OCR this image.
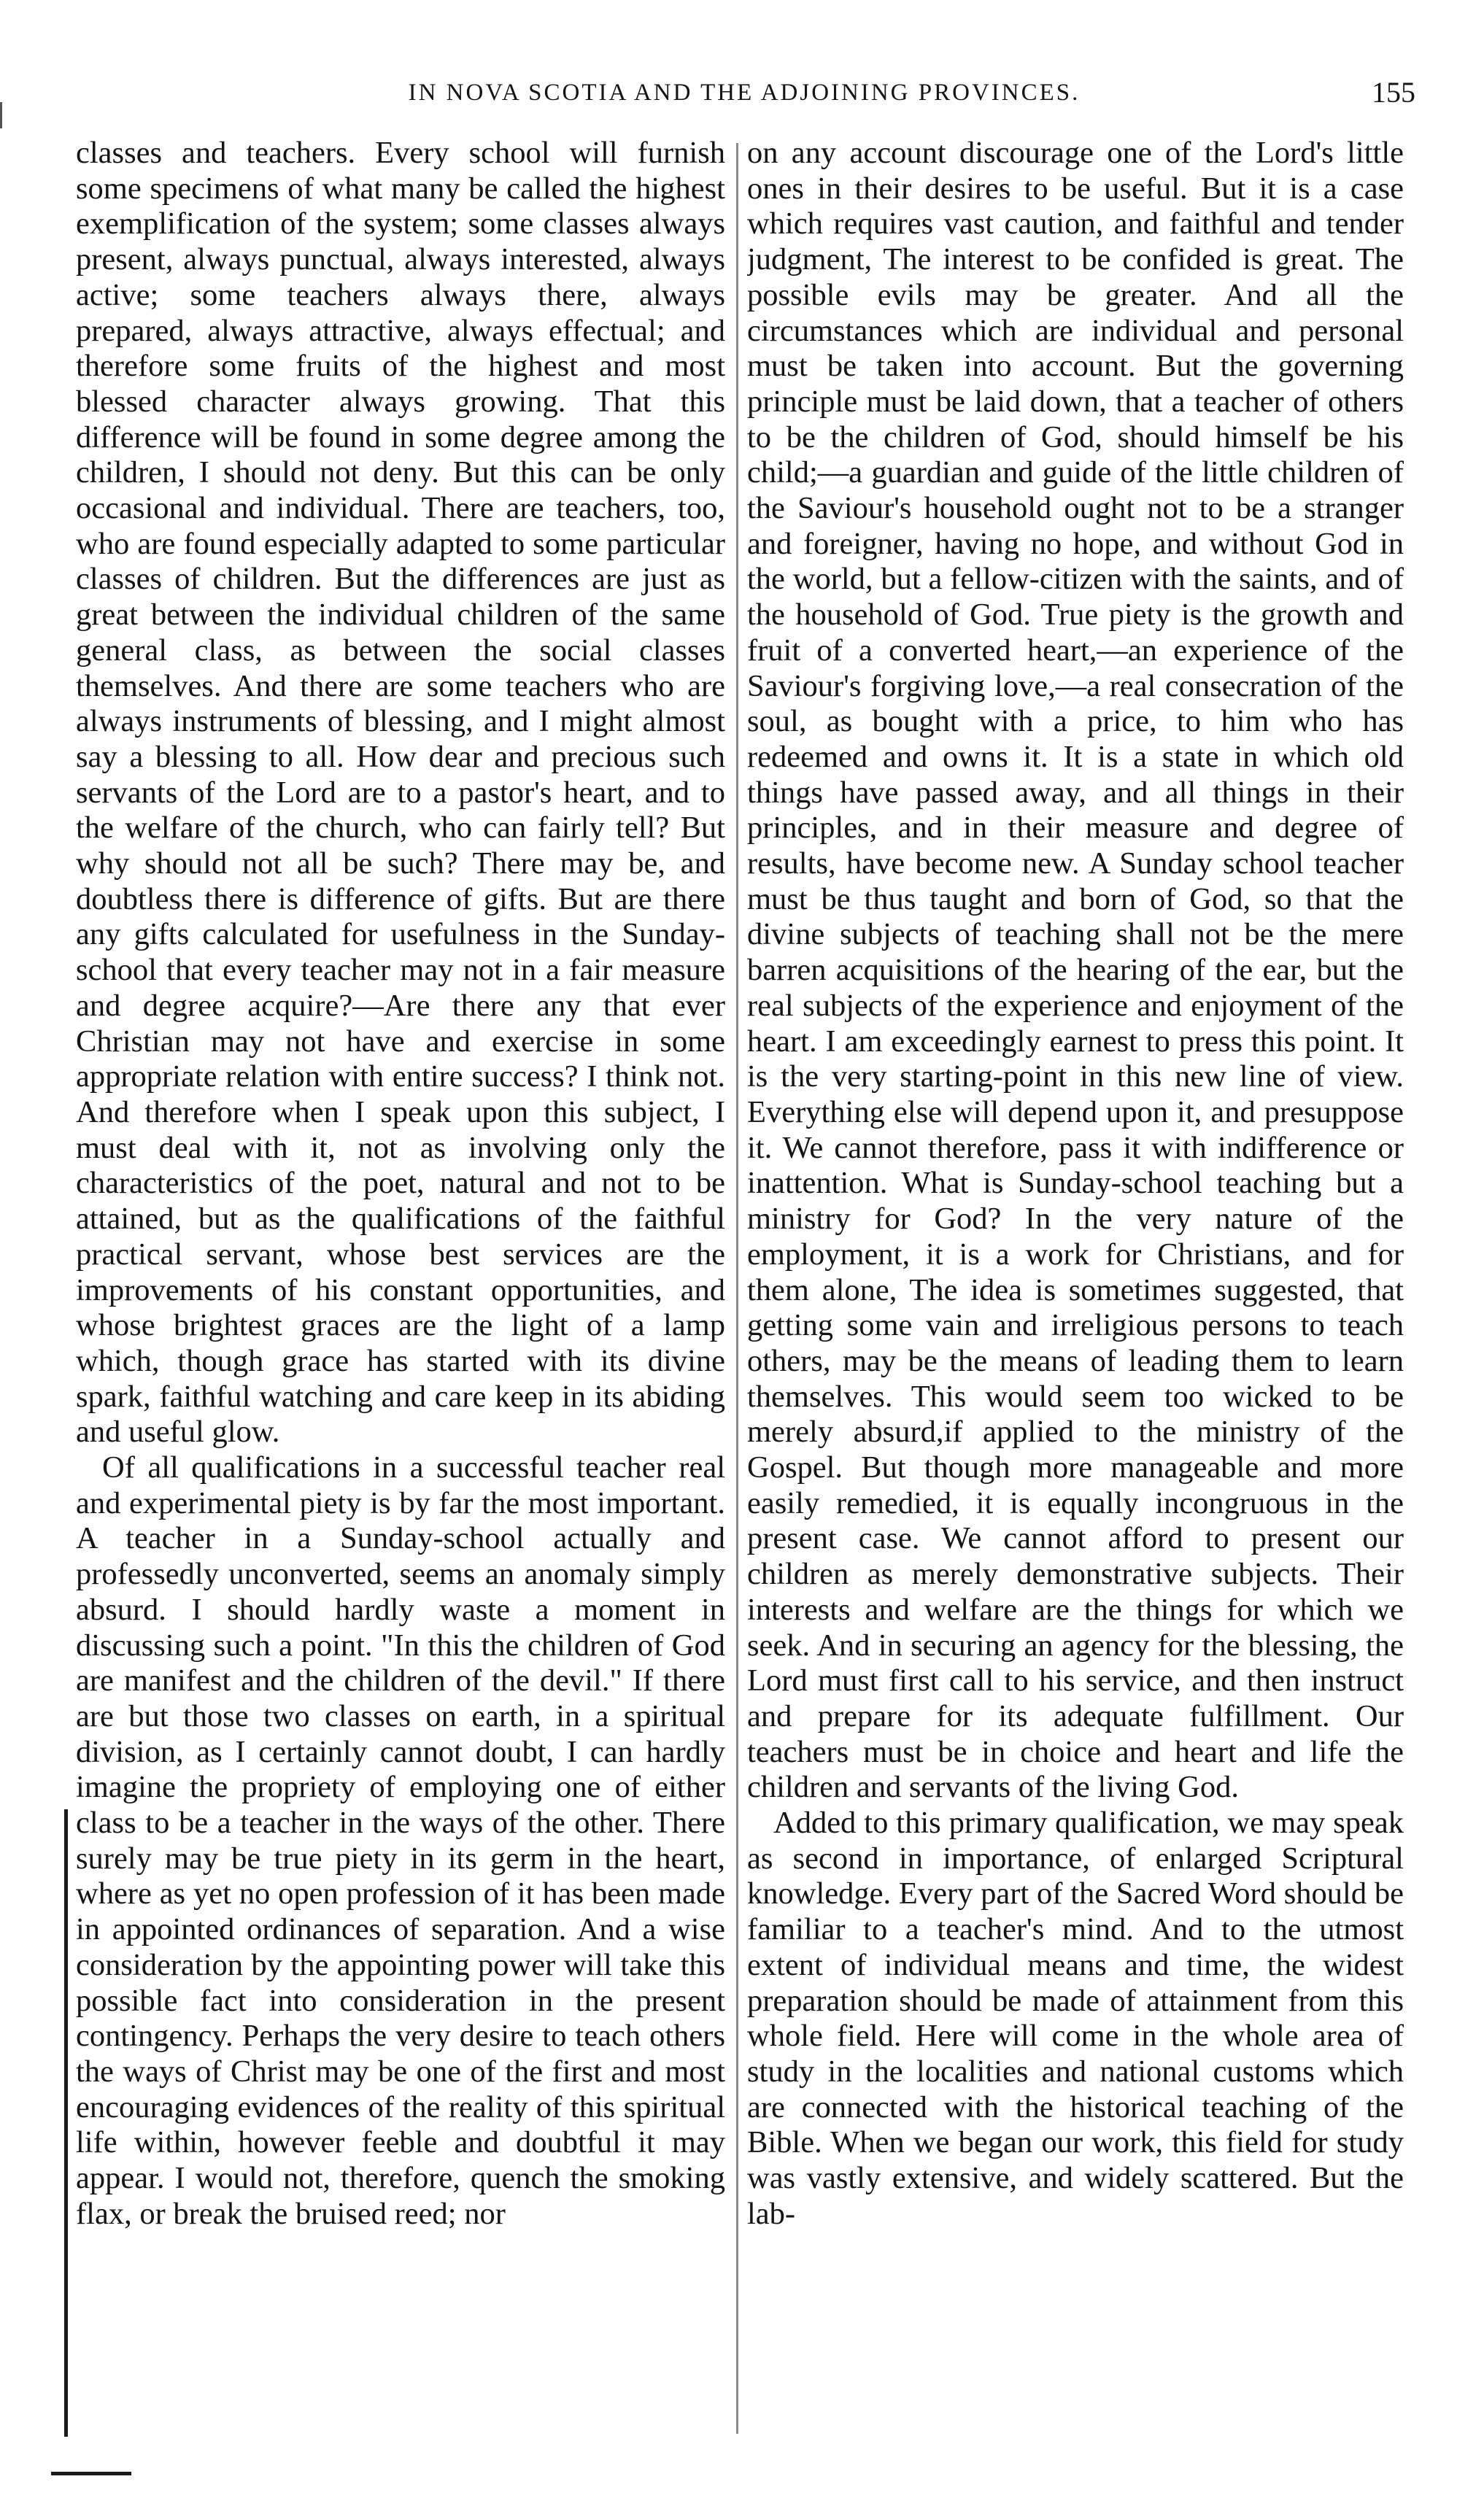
IN NOVA SCOTIA AND THE ADJOINING PROVINCES.	155

classes and teachers. Every school will furnish some specimens of what many be called the highest exemplification of the system; some classes always present, always punctual, always interested, always active; some teachers always there, always prepared, always attractive, always effectual; and therefore some fruits of the highest and most blessed character always growing. That this difference will be found in some degree among the children, I should not deny. But this can be only occasional and individual. There are teachers, too, who are found especially adapted to some particular classes of children. But the differences are just as great between the individual children of the same general class, as between the social classes themselves. And there are some teachers who are always instruments of blessing, and I might almost say a blessing to all. How dear and precious such servants of the Lord are to a pastor's heart, and to the welfare of the church, who can fairly tell? But why should not all be such? There may be, and doubtless there is difference of gifts. But are there any gifts calculated for usefulness in the Sunday-school that every teacher may not in a fair measure and degree acquire?—Are there any that ever Christian may not have and exercise in some appropriate relation with entire success? I think not. And therefore when I speak upon this subject, I must deal with it, not as involving only the characteristics of the poet, natural and not to be attained, but as the qualifications of the faithful practical servant, whose best services are the improvements of his constant opportunities, and whose brightest graces are the light of a lamp which, though grace has started with its divine spark, faithful watching and care keep in its abiding and useful glow.

Of all qualifications in a successful teacher real and experimental piety is by far the most important. A teacher in a Sunday-school actually and professedly unconverted, seems an anomaly simply absurd. I should hardly waste a moment in discussing such a point. "In this the children of God are manifest and the children of the devil." If there are but those two classes on earth, in a spiritual division, as I certainly cannot doubt, I can hardly imagine the propriety of employing one of either class to be a teacher in the ways of the other. There surely may be true piety in its germ in the heart, where as yet no open profession of it has been made in appointed ordinances of separation. And a wise consideration by the appointing power will take this possible fact into consideration in the present contingency. Perhaps the very desire to teach others the ways of Christ may be one of the first and most encouraging evidences of the reality of this spiritual life within, however feeble and doubtful it may appear. I would not, therefore, quench the smoking flax, or break the bruised reed; nor

on any account discourage one of the Lord's little ones in their desires to be useful. But it is a case which requires vast caution, and faithful and tender judgment, The interest to be confided is great. The possible evils may be greater. And all the circumstances which are individual and personal must be taken into account. But the governing principle must be laid down, that a teacher of others to be the children of God, should himself be his child;—a guardian and guide of the little children of the Saviour's household ought not to be a stranger and foreigner, having no hope, and without God in the world, but a fellow-citizen with the saints, and of the household of God. True piety is the growth and fruit of a converted heart,—an experience of the Saviour's forgiving love,—a real consecration of the soul, as bought with a price, to him who has redeemed and owns it. It is a state in which old things have passed away, and all things in their principles, and in their measure and degree of results, have become new. A Sunday school teacher must be thus taught and born of God, so that the divine subjects of teaching shall not be the mere barren acquisitions of the hearing of the ear, but the real subjects of the experience and enjoyment of the heart. I am exceedingly earnest to press this point. It is the very starting-point in this new line of view. Everything else will depend upon it, and presuppose it. We cannot therefore, pass it with indifference or inattention. What is Sunday-school teaching but a ministry for God? In the very nature of the employment, it is a work for Christians, and for them alone, The idea is sometimes suggested, that getting some vain and irreligious persons to teach others, may be the means of leading them to learn themselves. This would seem too wicked to be merely absurd,if applied to the ministry of the Gospel. But though more manageable and more easily remedied, it is equally incongruous in the present case. We cannot afford to present our children as merely demonstrative subjects. Their interests and welfare are the things for which we seek. And in securing an agency for the blessing, the Lord must first call to his service, and then instruct and prepare for its adequate fulfillment. Our teachers must be in choice and heart and life the children and servants of the living God.

Added to this primary qualification, we may speak as second in importance, of enlarged Scriptural knowledge. Every part of the Sacred Word should be familiar to a teacher's mind. And to the utmost extent of individual means and time, the widest preparation should be made of attainment from this whole field. Here will come in the whole area of study in the localities and national customs which are connected with the historical teaching of the Bible. When we began our work, this field for study was vastly extensive, and widely scattered. But the lab-
